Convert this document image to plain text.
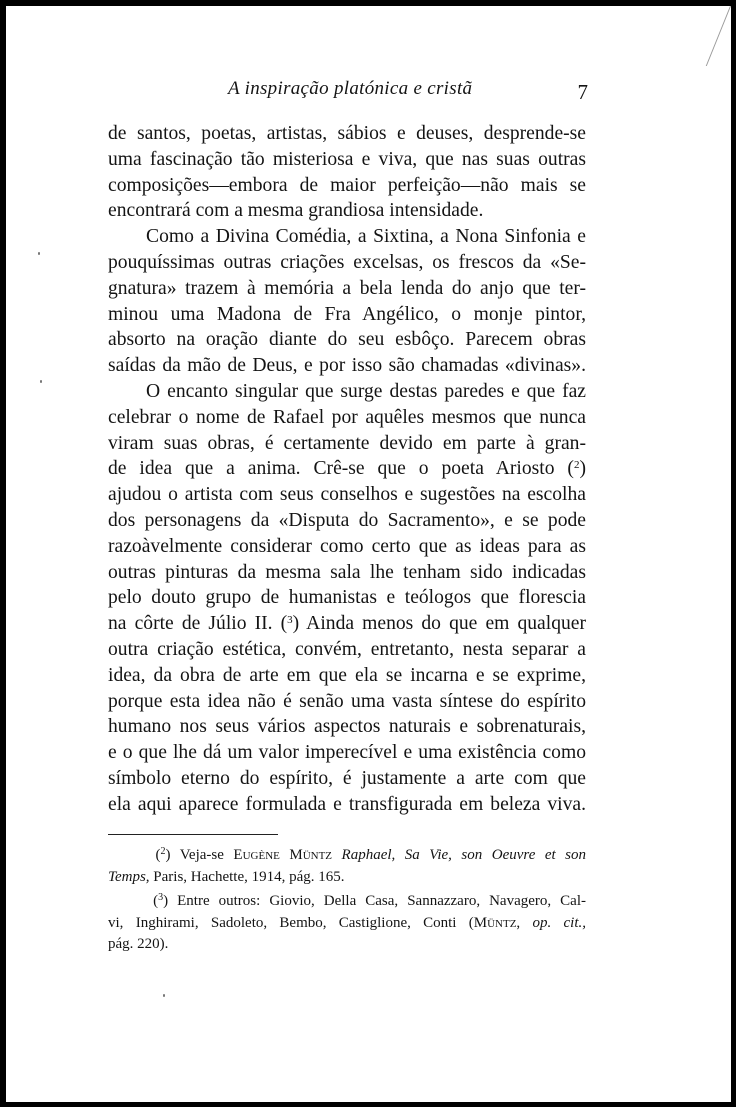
A inspiração platónica e cristã	7
de santos, poetas, artistas, sábios e deuses, desprende-se
uma fascinação tão misteriosa e viva, que nas suas outras
composições—embora de maior perfeição—não mais se
encontrará com a mesma grandiosa intensidade.
Como a Divina Comédia, a Sixtina, a Nona Sinfonia e
pouquíssimas outras criações excelsas, os frescos da «Se-
gnatura» trazem à memória a bela lenda do anjo que ter-
minou uma Madona de Fra Angélico, o monje pintor,
absorto na oração diante do seu esbôço. Parecem obras
saídas da mão de Deus, e por isso são chamadas «divinas».
O encanto singular que surge destas paredes e que faz
celebrar o nome de Rafael por aquêles mesmos que nunca
viram suas obras, é certamente devido em parte à gran-
de idea que a anima. Crê-se que o poeta Ariosto ($^2$)
ajudou o artista com seus conselhos e sugestões na escolha
dos personagens da «Disputa do Sacramento», e se pode
razoàvelmente considerar como certo que as ideas para as
outras pinturas da mesma sala lhe tenham sido indicadas
pelo douto grupo de humanistas e teólogos que florescia
na côrte de Júlio II. ($^3$) Ainda menos do que em qualquer
outra criação estética, convém, entretanto, nesta separar a
idea, da obra de arte em que ela se incarna e se exprime,
porque esta idea não é senão uma vasta síntese do espírito
humano nos seus vários aspectos naturais e sobrenaturais,
e o que lhe dá um valor imperecível e uma existência como
símbolo eterno do espírito, é justamente a arte com que
ela aqui aparece formulada e transfigurada em beleza viva.
($^2$) Veja-se Eugène Müntz Raphael, Sa Vie, son Oeuvre et son
Temps, Paris, Hachette, 1914, pág. 165.
($^3$) Entre outros: Giovio, Della Casa, Sannazzaro, Navagero, Cal-
vi, Inghirami, Sadoleto, Bembo, Castiglione, Conti (Müntz, op. cit.,
pág. 220).
